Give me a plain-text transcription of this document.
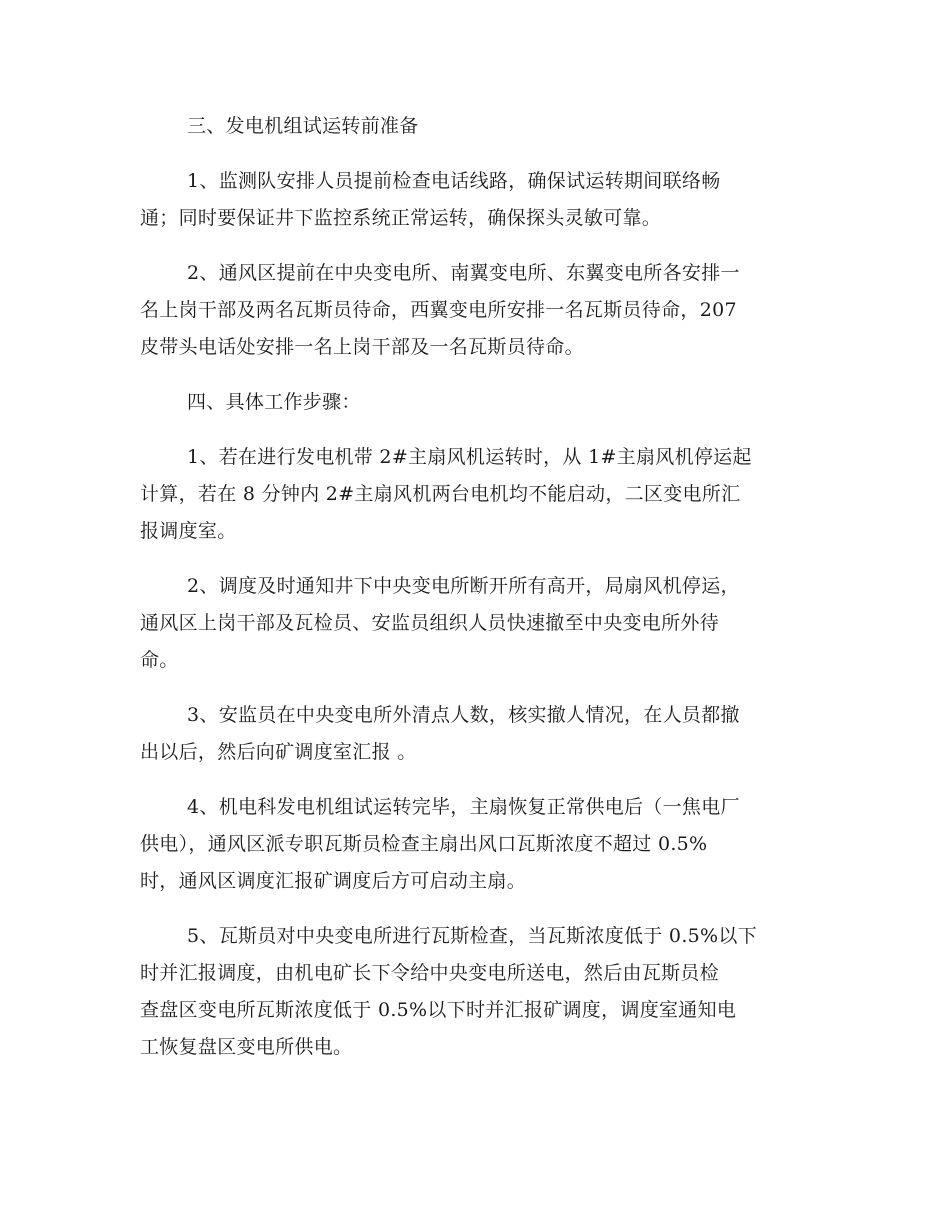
三、发电机组试运转前准备

1、监测队安排人员提前检查电话线路，确保试运转期间联络畅
通；同时要保证井下监控系统正常运转，确保探头灵敏可靠。

2、通风区提前在中央变电所、南翼变电所、东翼变电所各安排一
名上岗干部及两名瓦斯员待命，西翼变电所安排一名瓦斯员待命，207
皮带头电话处安排一名上岗干部及一名瓦斯员待命。

四、具体工作步骤：

1、若在进行发电机带 2#主扇风机运转时，从 1#主扇风机停运起
计算，若在 8 分钟内 2#主扇风机两台电机均不能启动，二区变电所汇
报调度室。

2、调度及时通知井下中央变电所断开所有高开，局扇风机停运，
通风区上岗干部及瓦检员、安监员组织人员快速撤至中央变电所外待
命。

3、安监员在中央变电所外清点人数，核实撤人情况，在人员都撤
出以后，然后向矿调度室汇报 。

4、机电科发电机组试运转完毕，主扇恢复正常供电后（一焦电厂
供电），通风区派专职瓦斯员检查主扇出风口瓦斯浓度不超过 0.5%
时，通风区调度汇报矿调度后方可启动主扇。

5、瓦斯员对中央变电所进行瓦斯检查，当瓦斯浓度低于 0.5%以下
时并汇报调度，由机电矿长下令给中央变电所送电，然后由瓦斯员检
查盘区变电所瓦斯浓度低于 0.5%以下时并汇报矿调度，调度室通知电
工恢复盘区变电所供电。
